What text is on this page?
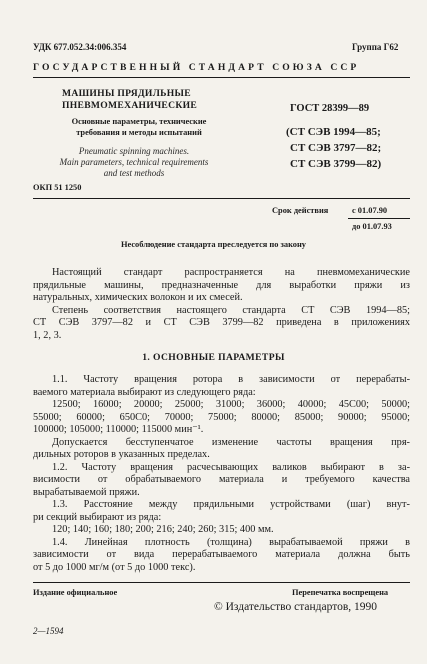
УДК 677.052.34:006.354	Группа Г62
ГОСУДАРСТВЕННЫЙ СТАНДАРТ СОЮЗА ССР
МАШИНЫ ПРЯДИЛЬНЫЕ
ПНЕВМОМЕХАНИЧЕСКИЕ
Основные параметры, технические
требования и методы испытаний
Pneumatic spinning machines.
Main parameters, technical requirements
and test methods
ОКП 51 1250
ГОСТ 28399—89
(СТ СЭВ 1994—85;
СТ СЭВ 3797—82;
СТ СЭВ 3799—82)
Срок действия	с 01.07.90
до 01.07.93
Несоблюдение стандарта преследуется по закону
Настоящий стандарт распространяется на пневмомеханические
прядильные машины, предназначенные для выработки пряжи из
натуральных, химических волокон и их смесей.
Степень соответствия настоящего стандарта СТ СЭВ 1994—85;
СТ СЭВ 3797—82 и СТ СЭВ 3799—82 приведена в приложениях
1, 2, 3.
1. ОСНОВНЫЕ ПАРАМЕТРЫ
1.1. Частоту вращения ротора в зависимости от перерабаты-
ваемого материала выбирают из следующего ряда:
12500; 16000; 20000; 25000; 31000; 36000; 40000; 45С00; 50000;
55000; 60000; 650С0; 70000; 75000; 80000; 85000; 90000; 95000;
100000; 105000; 110000; 115000 мин⁻¹.
Допускается бесступенчатое изменение частоты вращения пря-
дильных роторов в указанных пределах.
1.2. Частоту вращения расчесывающих валиков выбирают в за-
висимости от обрабатываемого материала и требуемого качества
вырабатываемой пряжи.
1.3. Расстояние между прядильными устройствами (шаг) внут-
ри секций выбирают из ряда:
120; 140; 160; 180; 200; 216; 240; 260; 315; 400 мм.
1.4. Линейная плотность (толщина) вырабатываемой пряжи в
зависимости от вида перерабатываемого материала должна быть
от 5 до 1000 мг/м (от 5 до 1000 текс).
Издание официальное	Перепечатка воспрещена
© Издательство стандартов, 1990
2—1594
